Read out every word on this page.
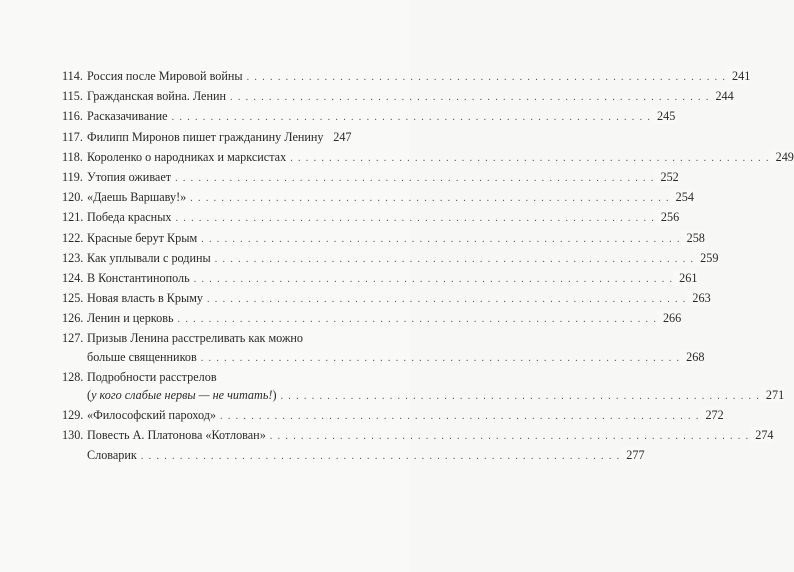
114. Россия после Мировой войны . . . . . . . . . . . . . . . . . . . . . . . . . . . . . . . . . . . . . . . . . . . . . . . . . . . . . . . . . . . . . . 241
115. Гражданская война. Ленин . . . . . . . . . . . . . . . . . . . . . . . . . . . . . . . . . . . . . . . . . . . . . . . . . . . . . . . . . . . . . . 244
116. Расказачивание . . . . . . . . . . . . . . . . . . . . . . . . . . . . . . . . . . . . . . . . . . . . . . . . . . . . . . . . . . . . . . 245
117. Филипп Миронов пишет гражданину Ленину 247
118. Короленко о народниках и марксистах . . . . . . . . . . . . . . . . . . . . . . . . . . . . . . . . . . . . . . . . . . . . . . . . . . . . . . . . . . . . . . 249
119. Утопия оживает . . . . . . . . . . . . . . . . . . . . . . . . . . . . . . . . . . . . . . . . . . . . . . . . . . . . . . . . . . . . . . 252
120. «Даешь Варшаву!» . . . . . . . . . . . . . . . . . . . . . . . . . . . . . . . . . . . . . . . . . . . . . . . . . . . . . . . . . . . . . . 254
121. Победа красных . . . . . . . . . . . . . . . . . . . . . . . . . . . . . . . . . . . . . . . . . . . . . . . . . . . . . . . . . . . . . . 256
122. Красные берут Крым . . . . . . . . . . . . . . . . . . . . . . . . . . . . . . . . . . . . . . . . . . . . . . . . . . . . . . . . . . . . . . 258
123. Как уплывали с родины . . . . . . . . . . . . . . . . . . . . . . . . . . . . . . . . . . . . . . . . . . . . . . . . . . . . . . . . . . . . . . 259
124. В Константинополь . . . . . . . . . . . . . . . . . . . . . . . . . . . . . . . . . . . . . . . . . . . . . . . . . . . . . . . . . . . . . . 261
125. Новая власть в Крыму . . . . . . . . . . . . . . . . . . . . . . . . . . . . . . . . . . . . . . . . . . . . . . . . . . . . . . . . . . . . . . 263
126. Ленин и церковь . . . . . . . . . . . . . . . . . . . . . . . . . . . . . . . . . . . . . . . . . . . . . . . . . . . . . . . . . . . . . . 266
127. Призыв Ленина расстреливать как можно
больше священников . . . . . . . . . . . . . . . . . . . . . . . . . . . . . . . . . . . . . . . . . . . . . . . . . . . . . . . . . . . . . . 268
128. Подробности расстрелов
(у кого слабые нервы — не читать!) . . . . . . . . . . . . . . . . . . . . . . . . . . . . . . . . . . . . . . . . . . . . . . . . . . . . . . . . . . . . . . 271
129. «Философский пароход» . . . . . . . . . . . . . . . . . . . . . . . . . . . . . . . . . . . . . . . . . . . . . . . . . . . . . . . . . . . . . . 272
130. Повесть А. Платонова «Котлован» . . . . . . . . . . . . . . . . . . . . . . . . . . . . . . . . . . . . . . . . . . . . . . . . . . . . . . . . . . . . . . 274
Словарик . . . . . . . . . . . . . . . . . . . . . . . . . . . . . . . . . . . . . . . . . . . . . . . . . . . . . . . . . . . . . . 277
